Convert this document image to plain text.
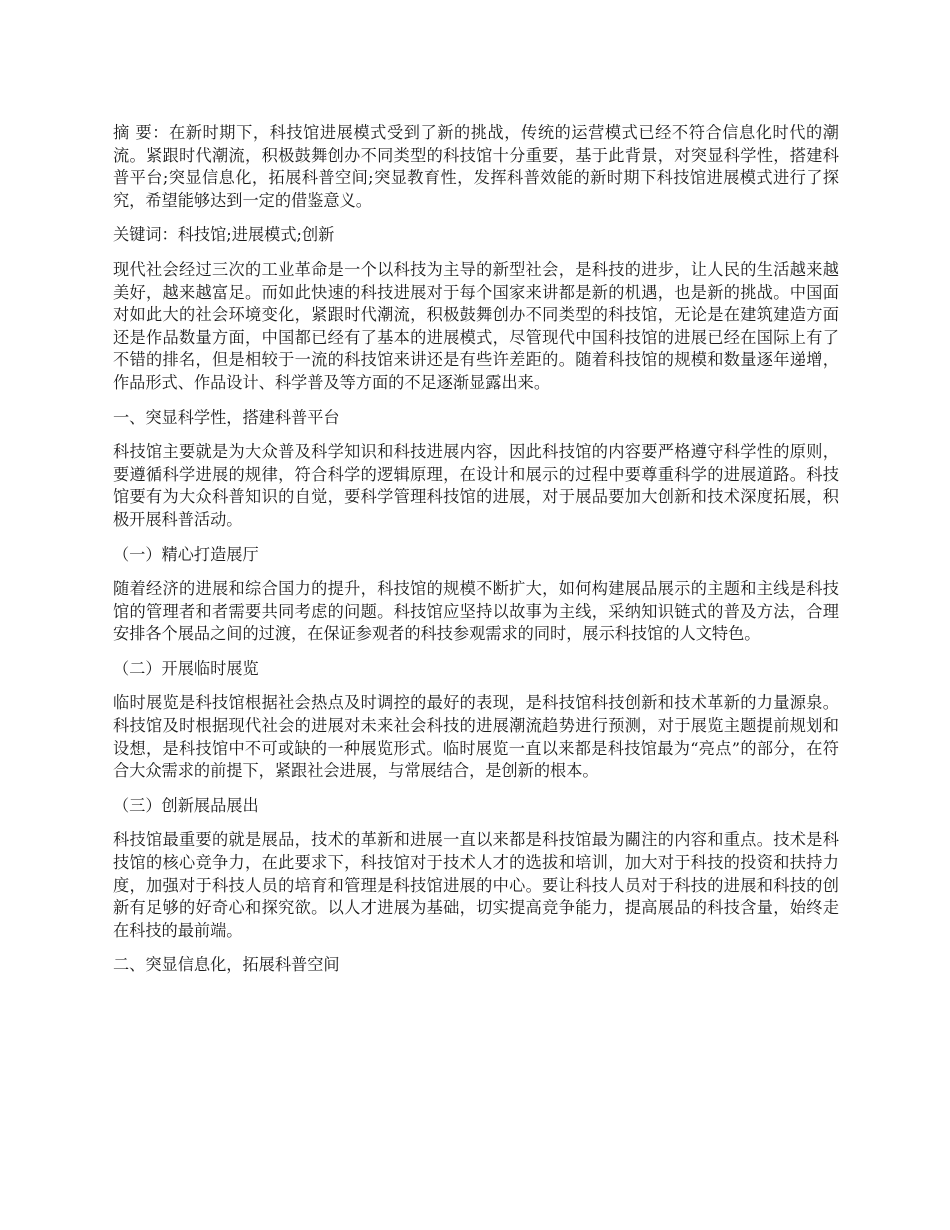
摘 要：在新时期下，科技馆进展模式受到了新的挑战，传统的运营模式已经不符合信息化时代的潮流。紧跟时代潮流，积极鼓舞创办不同类型的科技馆十分重要，基于此背景，对突显科学性，搭建科普平台;突显信息化，拓展科普空间;突显教育性，发挥科普效能的新时期下科技馆进展模式进行了探究，希望能够达到一定的借鉴意义。

关键词：科技馆;进展模式;创新

现代社会经过三次的工业革命是一个以科技为主导的新型社会，是科技的进步，让人民的生活越来越美好，越来越富足。而如此快速的科技进展对于每个国家来讲都是新的机遇，也是新的挑战。中国面对如此大的社会环境变化，紧跟时代潮流，积极鼓舞创办不同类型的科技馆，无论是在建筑建造方面还是作品数量方面，中国都已经有了基本的进展模式，尽管现代中国科技馆的进展已经在国际上有了不错的排名，但是相较于一流的科技馆来讲还是有些许差距的。随着科技馆的规模和数量逐年递增，作品形式、作品设计、科学普及等方面的不足逐渐显露出来。

一、突显科学性，搭建科普平台

科技馆主要就是为大众普及科学知识和科技进展内容，因此科技馆的内容要严格遵守科学性的原则，要遵循科学进展的规律，符合科学的逻辑原理，在设计和展示的过程中要尊重科学的进展道路。科技馆要有为大众科普知识的自觉，要科学管理科技馆的进展，对于展品要加大创新和技术深度拓展，积极开展科普活动。

（一）精心打造展厅

随着经济的进展和综合国力的提升，科技馆的规模不断扩大，如何构建展品展示的主题和主线是科技馆的管理者和者需要共同考虑的问题。科技馆应坚持以故事为主线，采纳知识链式的普及方法，合理安排各个展品之间的过渡，在保证参观者的科技参观需求的同时，展示科技馆的人文特色。

（二）开展临时展览

临时展览是科技馆根据社会热点及时调控的最好的表现，是科技馆科技创新和技术革新的力量源泉。科技馆及时根据现代社会的进展对未来社会科技的进展潮流趋势进行预测，对于展览主题提前规划和设想，是科技馆中不可或缺的一种展览形式。临时展览一直以来都是科技馆最为“亮点”的部分，在符合大众需求的前提下，紧跟社会进展，与常展结合，是创新的根本。

（三）创新展品展出

科技馆最重要的就是展品，技术的革新和进展一直以来都是科技馆最为關注的内容和重点。技术是科技馆的核心竞争力，在此要求下，科技馆对于技术人才的选拔和培训，加大对于科技的投资和扶持力度，加强对于科技人员的培育和管理是科技馆进展的中心。要让科技人员对于科技的进展和科技的创新有足够的好奇心和探究欲。以人才进展为基础，切实提高竞争能力，提高展品的科技含量，始终走在科技的最前端。

二、突显信息化，拓展科普空间
